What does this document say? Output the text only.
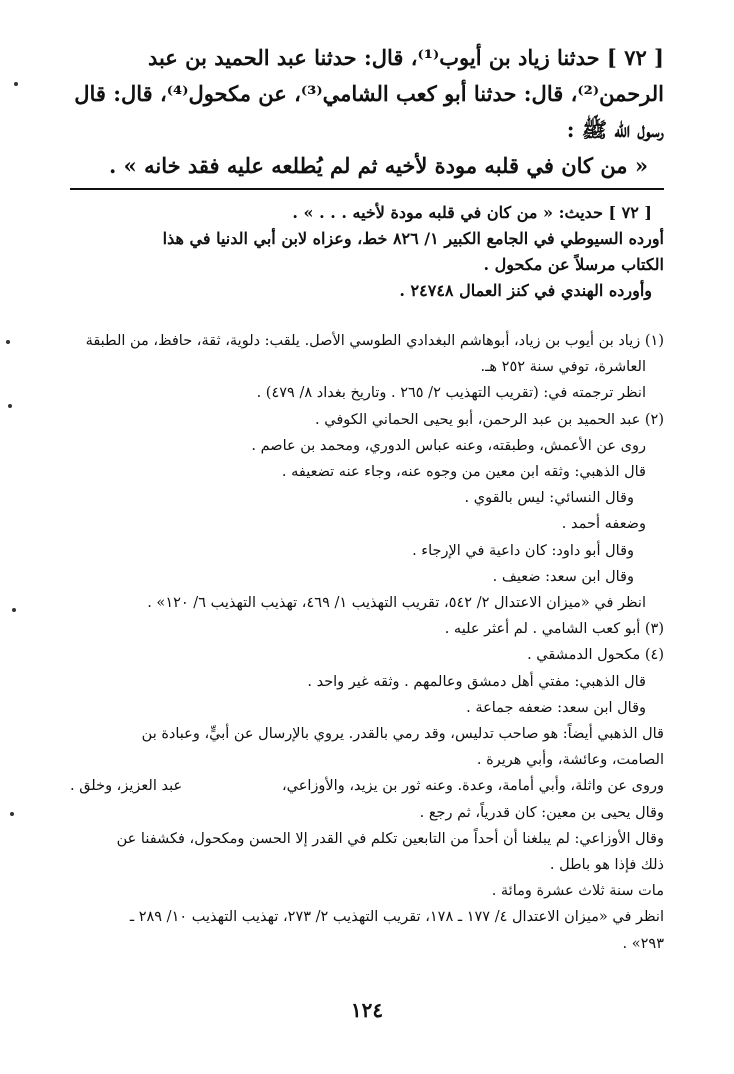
[ ٧٢ ] حدثنا زياد بن أيوب⁽¹⁾، قال: حدثنا عبد الحميد بن عبد

الرحمن⁽²⁾، قال: حدثنا أبو كعب الشامي⁽³⁾، عن مكحول⁽⁴⁾، قال: قال

رسول الله ﷺ :

« من كان في قلبه مودة لأخيه ثم لم يُطلعه عليه فقد خانه » .

[ ٧٢ ] حديث: « من كان في قلبه مودة لأخيه . . . » .

أورده السيوطي في الجامع الكبير ١/ ٨٢٦ خط، وعزاه لابن أبي الدنيا في هذا

الكتاب مرسلاً عن مكحول .

وأورده الهندي في كنز العمال ٢٤٧٤٨ .

(١) زياد بن أيوب بن زياد، أبوهاشم البغدادي الطوسي الأصل. يلقب: دلوية، ثقة، حافظ، من الطبقة

العاشرة، توفي سنة ٢٥٢ هـ.

انظر ترجمته في: (تقريب التهذيب ٢/ ٢٦٥ . وتاريخ بغداد ٨/ ٤٧٩) .

(٢) عبد الحميد بن عبد الرحمن، أبو يحيى الحماني الكوفي .

روى عن الأعمش، وطبقته، وعنه عباس الدوري، ومحمد بن عاصم .

قال الذهبي: وثقه ابن معين من وجوه عنه، وجاء عنه تضعيفه .

وقال النسائي: ليس بالقوي .

وضعفه أحمد .

وقال أبو داود: كان داعية في الإرجاء .

وقال ابن سعد: ضعيف .

انظر في «ميزان الاعتدال ٢/ ٥٤٢، تقريب التهذيب ١/ ٤٦٩، تهذيب التهذيب ٦/ ١٢٠» .

(٣) أبو كعب الشامي . لم أعثر عليه .

(٤) مكحول الدمشقي .

قال الذهبي: مفتي أهل دمشق وعالمهم . وثقه غير واحد .

وقال ابن سعد: ضعفه جماعة .

قال الذهبي أيضاً: هو صاحب تدليس، وقد رمي بالقدر. يروي بالإرسال عن أبيٍّ، وعبادة بن

الصامت، وعائشة، وأبي هريرة .

وروى عن واثلة، وأبي أمامة، وعدة. وعنه ثور بن يزيد، والأوزاعي،

عبد العزيز، وخلق .

وقال يحيى بن معين: كان قدرياً، ثم رجع .

وقال الأوزاعي: لم يبلغنا أن أحداً من التابعين تكلم في القدر إلا الحسن ومكحول، فكشفنا عن

ذلك فإذا هو باطل .

مات سنة ثلاث عشرة ومائة .

انظر في «ميزان الاعتدال ٤/ ١٧٧ ـ ١٧٨، تقريب التهذيب ٢/ ٢٧٣، تهذيب التهذيب ١٠/ ٢٨٩ ـ

٢٩٣» .

١٢٤
